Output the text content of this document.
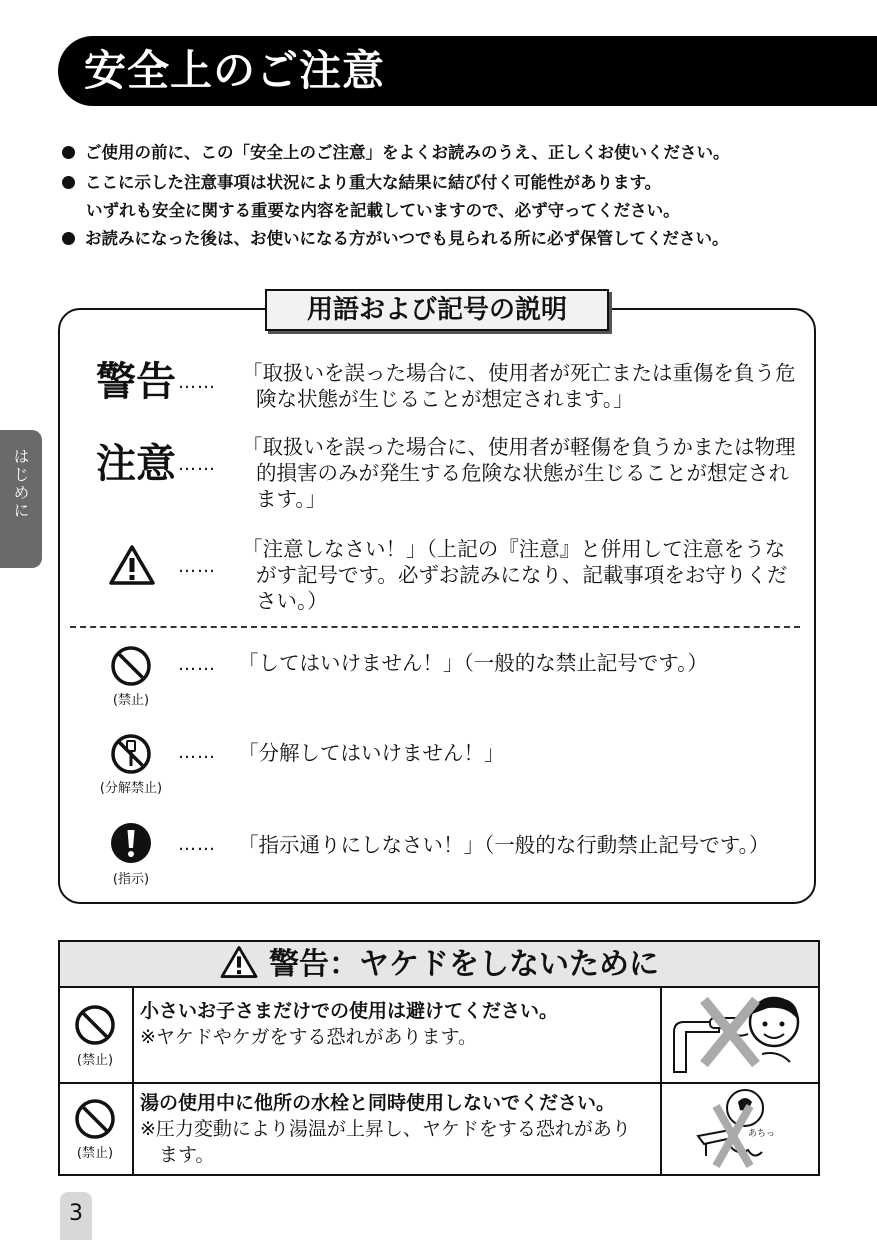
安全上のご注意
ご使用の前に、この「安全上のご注意」をよくお読みのうえ、正しくお使いください。
ここに示した注意事項は状況により重大な結果に結び付く可能性があります。
いずれも安全に関する重要な内容を記載していますので、必ず守ってください。
お読みになった後は、お使いになる方がいつでも見られる所に必ず保管してください。
はじめに
用語および記号の説明
警告 …… 「取扱いを誤った場合に、使用者が死亡または重傷を負う危
険な状態が生じることが想定されます。」
注意 ……
「取扱いを誤った場合に、使用者が軽傷を負うかまたは物理
的損害のみが発生する危険な状態が生じることが想定され
ます。」
……
「注意しなさい！」（上記の『注意』と併用して注意をうな
がす記号です。必ずお読みになり、記載事項をお守りくだ
さい。）
(禁止)
…… 「してはいけません！」（一般的な禁止記号です。）
(分解禁止)
…… 「分解してはいけません！」
(指示)
…… 「指示通りにしなさい！」（一般的な行動禁止記号です。）
警告：ヤケドをしないために
(禁止)
小さいお子さまだけでの使用は避けてください。
※ヤケドやケガをする恐れがあります。
(禁止)
湯の使用中に他所の水栓と同時使用しないでください。
※圧力変動により湯温が上昇し、ヤケドをする恐れがあり
　ます。
あちっ
3
